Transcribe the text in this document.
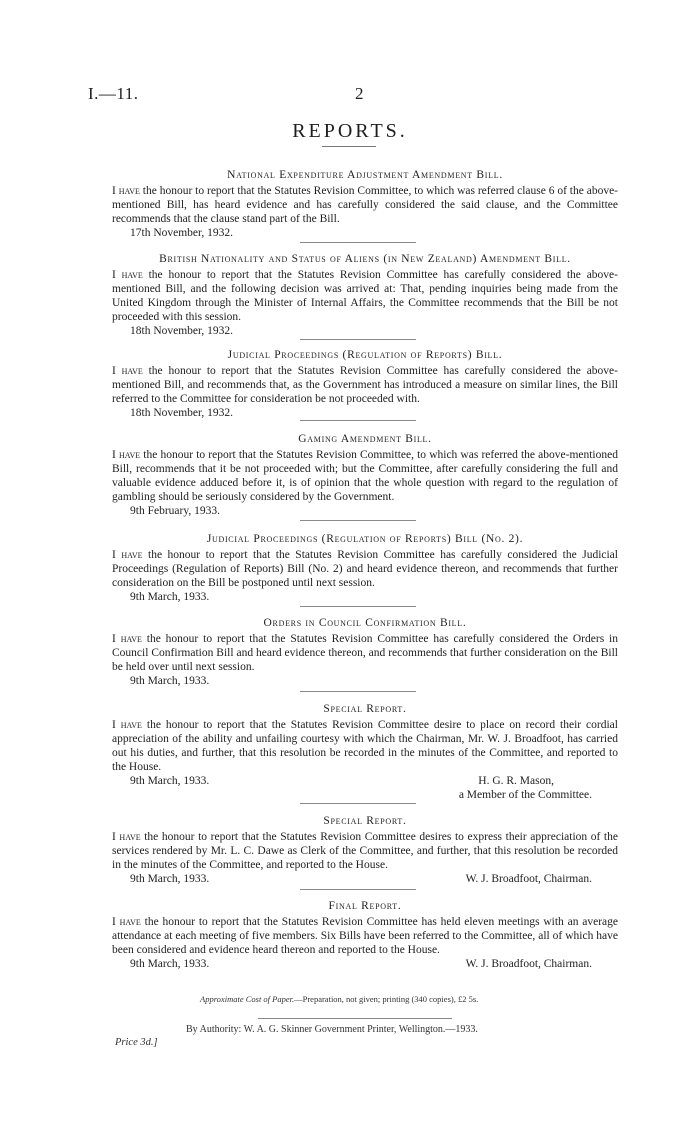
I.—11.	2
REPORTS.
National Expenditure Adjustment Amendment Bill.

I have the honour to report that the Statutes Revision Committee, to which was referred clause 6 of the above-mentioned Bill, has heard evidence and has carefully considered the said clause, and the Committee recommends that the clause stand part of the Bill.

17th November, 1932.

British Nationality and Status of Aliens (in New Zealand) Amendment Bill.

I have the honour to report that the Statutes Revision Committee has carefully considered the above-mentioned Bill, and the following decision was arrived at: That, pending inquiries being made from the United Kingdom through the Minister of Internal Affairs, the Committee recommends that the Bill be not proceeded with this session.

18th November, 1932.

Judicial Proceedings (Regulation of Reports) Bill.

I have the honour to report that the Statutes Revision Committee has carefully considered the above-mentioned Bill, and recommends that, as the Government has introduced a measure on similar lines, the Bill referred to the Committee for consideration be not proceeded with.

18th November, 1932.

Gaming Amendment Bill.

I have the honour to report that the Statutes Revision Committee, to which was referred the above-mentioned Bill, recommends that it be not proceeded with; but the Committee, after carefully considering the full and valuable evidence adduced before it, is of opinion that the whole question with regard to the regulation of gambling should be seriously considered by the Government.

9th February, 1933.

Judicial Proceedings (Regulation of Reports) Bill (No. 2).

I have the honour to report that the Statutes Revision Committee has carefully considered the Judicial Proceedings (Regulation of Reports) Bill (No. 2) and heard evidence thereon, and recommends that further consideration on the Bill be postponed until next session.

9th March, 1933.

Orders in Council Confirmation Bill.

I have the honour to report that the Statutes Revision Committee has carefully considered the Orders in Council Confirmation Bill and heard evidence thereon, and recommends that further consideration on the Bill be held over until next session.

9th March, 1933.

Special Report.

I have the honour to report that the Statutes Revision Committee desire to place on record their cordial appreciation of the ability and unfailing courtesy with which the Chairman, Mr. W. J. Broadfoot, has carried out his duties, and further, that this resolution be recorded in the minutes of the Committee, and reported to the House.

9th March, 1933.	H. G. R. Mason,
a Member of the Committee.
Special Report.

I have the honour to report that the Statutes Revision Committee desires to express their appreciation of the services rendered by Mr. L. C. Dawe as Clerk of the Committee, and further, that this resolution be recorded in the minutes of the Committee, and reported to the House.

9th March, 1933.	W. J. Broadfoot, Chairman.
Final Report.

I have the honour to report that the Statutes Revision Committee has held eleven meetings with an average attendance at each meeting of five members. Six Bills have been referred to the Committee, all of which have been considered and evidence heard thereon and reported to the House.

9th March, 1933.	W. J. Broadfoot, Chairman.
Approximate Cost of Paper.—Preparation, not given; printing (340 copies), £2 5s.
By Authority: W. A. G. Skinner Government Printer, Wellington.—1933.
Price 3d.]
